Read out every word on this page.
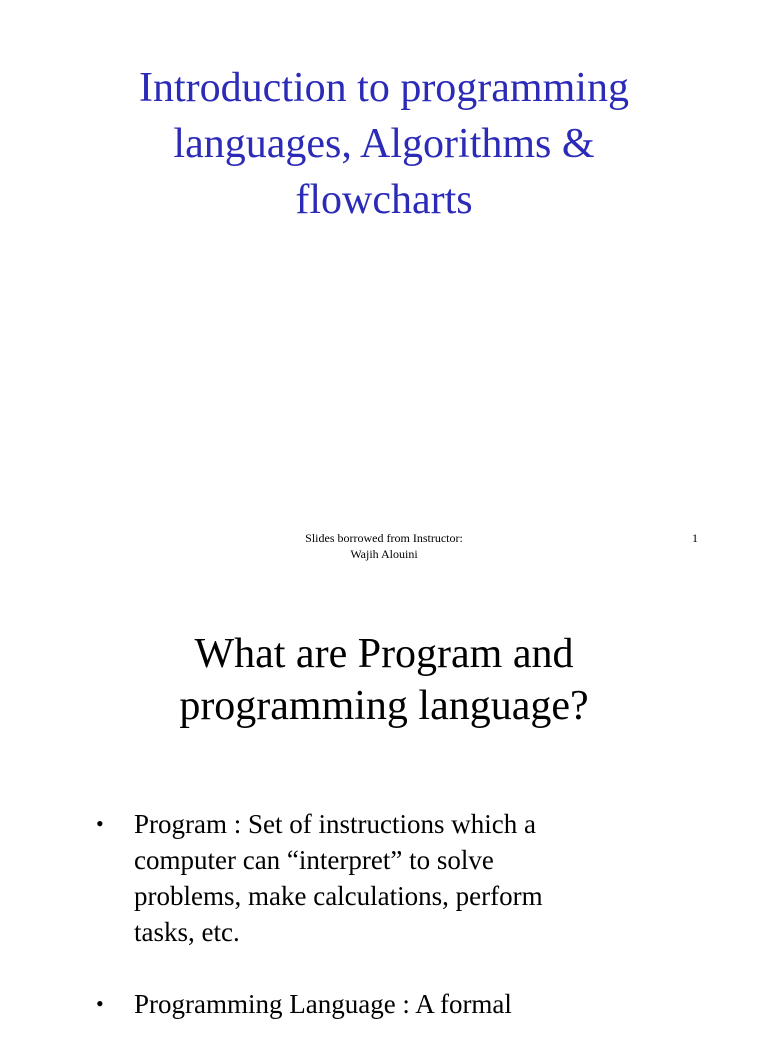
Introduction to programming
languages, Algorithms &
flowcharts
Slides borrowed from Instructor:
Wajih Alouini
1
What are Program and
programming language?
• Program : Set of instructions which a
computer can “interpret” to solve
problems, make calculations, perform
tasks, etc.
• Programming Language : A formal
